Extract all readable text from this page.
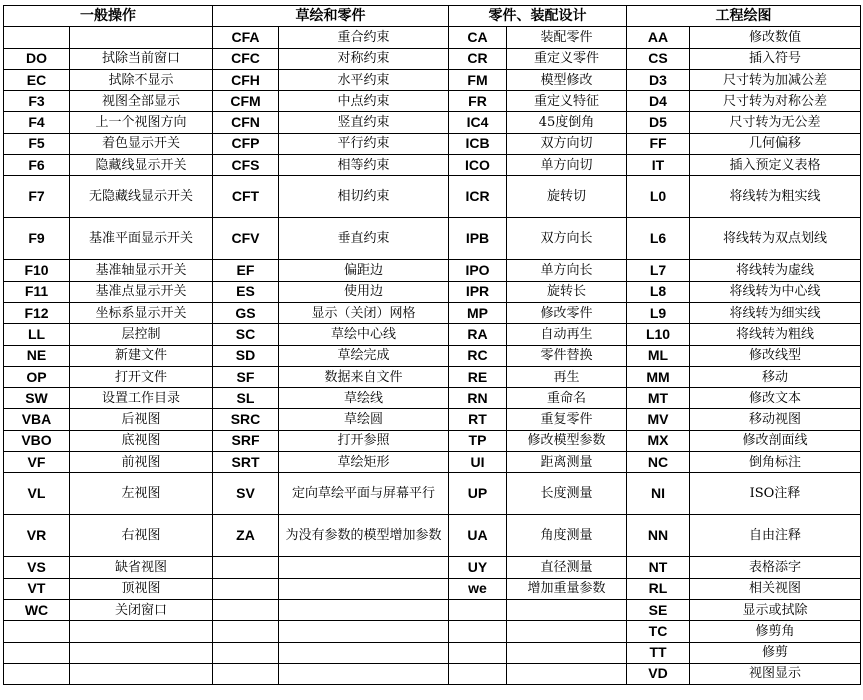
一般操作		草绘和零件		零件、装配设计		工程绘图	
		CFA	重合约束	CA	装配零件	AA	修改数值
DO	拭除当前窗口	CFC	对称约束	CR	重定义零件	CS	插入符号
EC	拭除不显示	CFH	水平约束	FM	模型修改	D3	尺寸转为加减公差
F3	视图全部显示	CFM	中点约束	FR	重定义特征	D4	尺寸转为对称公差
F4	上一个视图方向	CFN	竖直约束	IC4	45度倒角	D5	尺寸转为无公差
F5	着色显示开关	CFP	平行约束	ICB	双方向切	FF	几何偏移
F6	隐藏线显示开关	CFS	相等约束	ICO	单方向切	IT	插入预定义表格
F7	无隐藏线显示开关	CFT	相切约束	ICR	旋转切	L0	将线转为粗实线
F9	基准平面显示开关	CFV	垂直约束	IPB	双方向长	L6	将线转为双点划线
F10	基准轴显示开关	EF	偏距边	IPO	单方向长	L7	将线转为虚线
F11	基准点显示开关	ES	使用边	IPR	旋转长	L8	将线转为中心线
F12	坐标系显示开关	GS	显示（关闭）网格	MP	修改零件	L9	将线转为细实线
LL	层控制	SC	草绘中心线	RA	自动再生	L10	将线转为粗线
NE	新建文件	SD	草绘完成	RC	零件替换	ML	修改线型
OP	打开文件	SF	数据来自文件	RE	再生	MM	移动
SW	设置工作目录	SL	草绘线	RN	重命名	MT	修改文本
VBA	后视图	SRC	草绘圆	RT	重复零件	MV	移动视图
VBO	底视图	SRF	打开参照	TP	修改模型参数	MX	修改剖面线
VF	前视图	SRT	草绘矩形	UI	距离测量	NC	倒角标注
VL	左视图	SV	定向草绘平面与屏幕平行	UP	长度测量	NI	ISO注释
VR	右视图	ZA	为没有参数的模型增加参数	UA	角度测量	NN	自由注释
VS	缺省视图			UY	直径测量	NT	表格添字
VT	顶视图			we	增加重量参数	RL	相关视图
WC	关闭窗口					SE	显示或拭除
						TC	修剪角
						TT	修剪
						VD	视图显示
